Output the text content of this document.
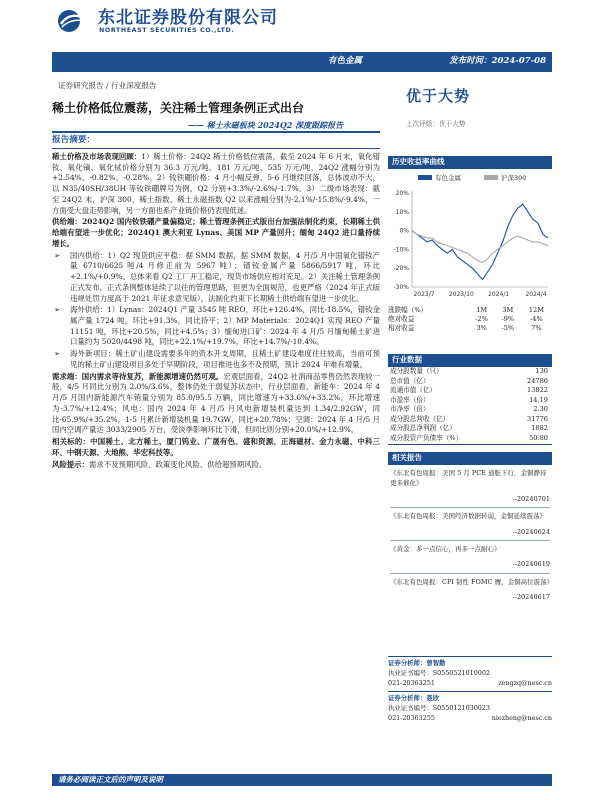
东北证券股份有限公司
NORTHEAST SECURITIES CO.,LTD.
有色金属	发布时间：2024-07-08
证券研究报告 / 行业深度报告
稀土价格低位震荡，关注稀土管理条例正式出台
—— 稀土永磁板块 2024Q2 深度跟踪报告
优于大势
上次评级：优于大势
报告摘要：

稀土价格及市场表现回顾：1）稀土价格：24Q2 稀土价格低位震荡，截至 2024 年 6 月末，氧化镨钕、氧化镝、氧化铽价格分别为 36.3 万元/吨、181 万元/吨、535 万元/吨，24Q2 涨幅分别为+2.54%、-0.82%、-0.28%。2）钕铁硼价格：4 月小幅反弹、5-6 月继续回落，总体波动不大，以 N35/40SH/38UH 等钕铁硼牌号为例，Q2 分别+3.3%/-2.6%/-1.7%。3）二级市场表现：截至 24Q2 末，沪深 300、稀土指数、稀土永磁指数 Q2 以来涨幅分别为-2.1%/-15.8%/-9.4%，一方面受大盘走势影响，另一方面也系产业链价格仍表现低迷。

供给端：2024Q2 国内钕铁硼产量偏稳定；稀土管理条例正式版出台加强法制化约束，长期稀土供给端有望进一步优化；2024Q1 澳大利亚 Lynas、美国 MP 产量回升；缅甸 24Q2 进口量持续增长。

➢ 国内供给：1）Q2 现货供应平稳：据 SMM 数据，据 SMM 数据，4 月/5 月中国氧化镨钕产量 6710/6625 吨/4 月修正前为 5967 吨）；镨钕金属产量 5866/5917 吨，环比+2.1%/+0.9%。总体来看 Q2 工厂开工稳定，现货市场供应相对充足。2）关注稀土管理条例正式发布，正式条例整体延续了以往的管理思路，但更为全面规范，也更严格（2024 年正式版违规处罚力度高于 2021 年征求意见版），法制化约束下长期稀土供给端有望进一步优化。

➢ 海外供给：1）Lynas：2024Q1 产量 3545 吨 REO，环比+126.4%，同比-18.5%，镨钕金属产量 1724 吨，环比+91.3%，同比持平；2）MP Materials：2024Q1 实现 REO 产量 11151 吨，环比+20.5%，同比+4.5%；3）缅甸进口矿：2024 年 4 月/5 月缅甸稀土矿进口量约为 5020/4498 吨，同比+22.1%/+19.7%，环比+14.7%/-10.4%。

➢ 海外新项目：稀土矿山建设需要多年的资本开支周期，且稀土矿建设难度往往较高，当前可预见的稀土矿山建设项目多处于早期阶段，项目推进也多不及预期，预计 2024 年难有增量。

需求端：国内需求等待复苏，新能源增速仍然可观。宏观层面看，24Q2 社消商品零售仍然表现较一般，4/5 月同比分别为 2.0%/3.6%，整体仍处于弱复苏状态中，行业层面看，新能车：2024 年 4 月/5 月国内新能源汽车销量分别为 85.0/95.5 万辆，同比增速为+33.6%/+33.2%，环比增速为-3.7%/+12.4%；风电：国内 2024 年 4 月/5 月风电新增装机量达到 1.34/2.92GW，同比-65.9%/+35.2%，1-5 月累计新增装机量 19.7GW，同比+20.78%；空调：2024 年 4 月/5 月国内空调产量达 3033/2905 万台，受淡季影响环比下滑，但同比则分别+20.0%/+12.9%。

相关标的：中国稀土、北方稀土、厦门钨业、广晟有色、盛和资源、正海磁材、金力永磁、中科三环、中钢天源、大地熊、华宏科技等。

风险提示：需求不及预期风险、政策变化风险、供给超预期风险。

历史收益率曲线
有色金属	沪深300
20%
10%
0%
-10%
-20%
-30%
2023/7 2023/10 2024/1	2024/4
涨跌幅（%）	1M	3M	12M
绝对收益	-2%	-9%	-4%
相对收益	3%	-5%	7%
行业数据
成分股数量（只）	130
总市值（亿）	24780
流通市值（亿）	13822
市盈率（倍）	14.19
市净率（倍）	2.30
成分股总营收（亿）	31776
成分股总净利润（亿）	1882
成分股资产负债率（%）	50.80
相关报告
《东北有色周报：美国 5 月 PCE 通胀下行，金铜静待更多催化》
--20240701
《东北有色周报：美国经济数据转弱，金铜延续震荡》
--20240624
《黄金：多一点信心，再多一点耐心》
--20240619
《东北有色周报：CPI 韧性 FOMC 鹰，金铜高位震荡》
--20240617
证券分析师：曾智勤
执业证书编号：S0550521010002
021-20363251	zengzq@nesc.cn
证券分析师：聂欣
执业证书编号：S0550121030023
021-20363255	niezheng@nesc.cn
请务必阅读正文后的声明及说明
